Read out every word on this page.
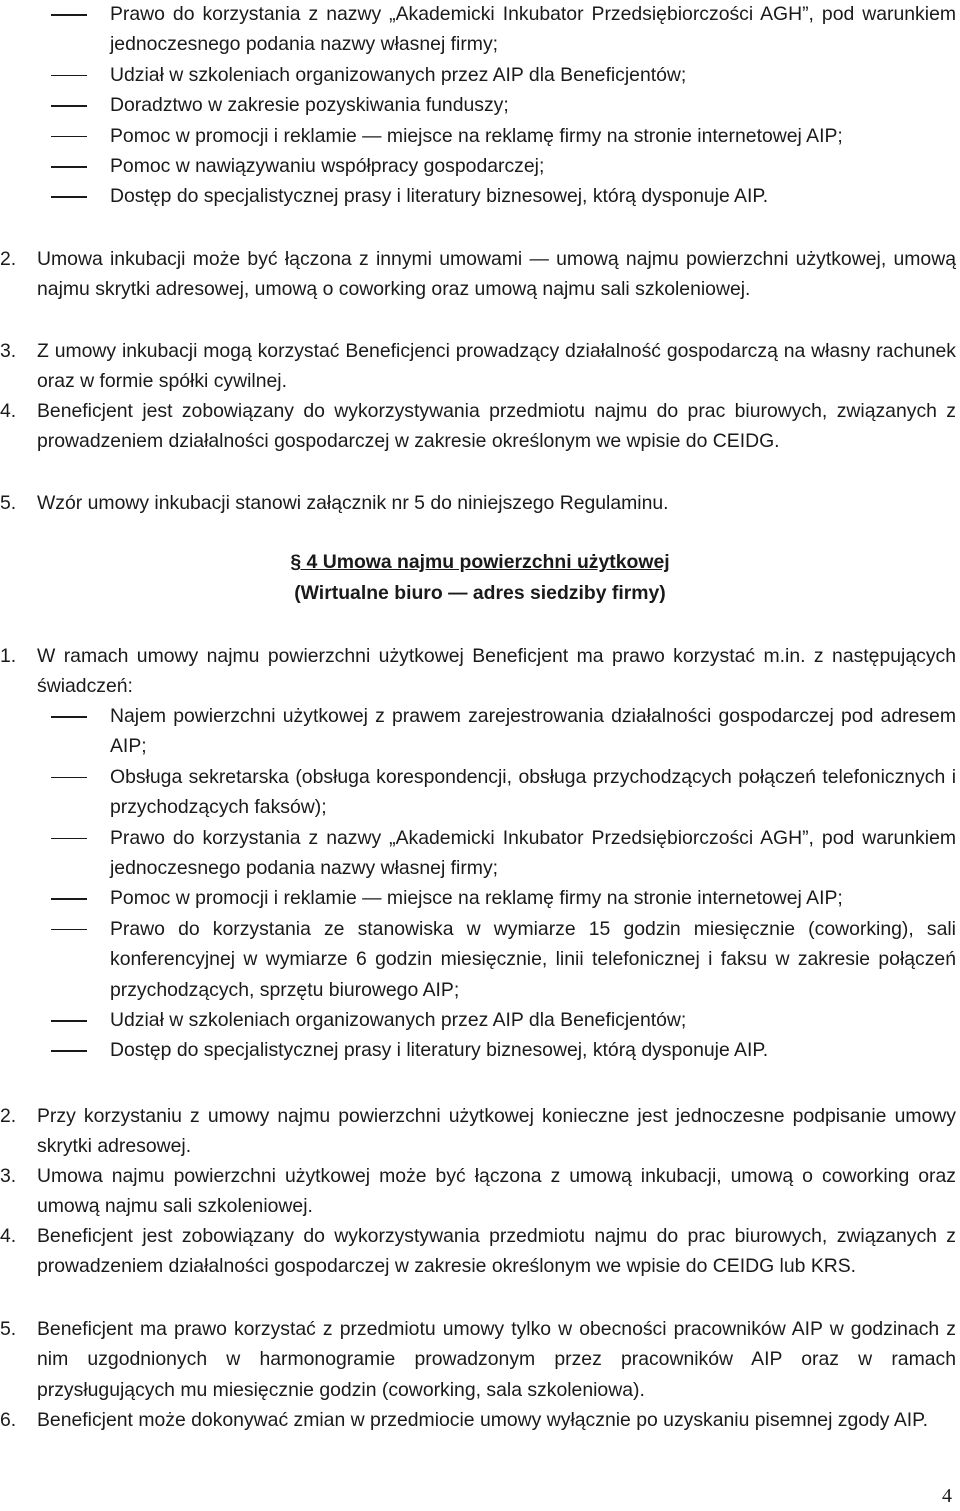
Prawo do korzystania z nazwy „Akademicki Inkubator Przedsiębiorczości AGH”, pod warunkiem jednoczesnego podania nazwy własnej firmy;
Udział w szkoleniach organizowanych przez AIP dla Beneficjentów;
Doradztwo w zakresie pozyskiwania funduszy;
Pomoc w promocji i reklamie — miejsce na reklamę firmy na stronie internetowej AIP;
Pomoc w nawiązywaniu współpracy gospodarczej;
Dostęp do specjalistycznej prasy i literatury biznesowej, którą dysponuje AIP.
2. Umowa inkubacji może być łączona z innymi umowami — umową najmu powierzchni użytkowej, umową najmu skrytki adresowej, umową o coworking oraz umową najmu sali szkoleniowej.
3. Z umowy inkubacji mogą korzystać Beneficjenci prowadzący działalność gospodarczą na własny rachunek oraz w formie spółki cywilnej.
4. Beneficjent jest zobowiązany do wykorzystywania przedmiotu najmu do prac biurowych, związanych z prowadzeniem działalności gospodarczej w zakresie określonym we wpisie do CEIDG.
5. Wzór umowy inkubacji stanowi załącznik nr 5 do niniejszego Regulaminu.
§ 4 Umowa najmu powierzchni użytkowej
(Wirtualne biuro — adres siedziby firmy)
1. W ramach umowy najmu powierzchni użytkowej Beneficjent ma prawo korzystać m.in. z następujących świadczeń:
Najem powierzchni użytkowej z prawem zarejestrowania działalności gospodarczej pod adresem AIP;
Obsługa sekretarska (obsługa korespondencji, obsługa przychodzących połączeń telefonicznych i przychodzących faksów);
Prawo do korzystania z nazwy „Akademicki Inkubator Przedsiębiorczości AGH”, pod warunkiem jednoczesnego podania nazwy własnej firmy;
Pomoc w promocji i reklamie — miejsce na reklamę firmy na stronie internetowej AIP;
Prawo do korzystania ze stanowiska w wymiarze 15 godzin miesięcznie (coworking), sali konferencyjnej w wymiarze 6 godzin miesięcznie, linii telefonicznej i faksu w zakresie połączeń przychodzących, sprzętu biurowego AIP;
Udział w szkoleniach organizowanych przez AIP dla Beneficjentów;
Dostęp do specjalistycznej prasy i literatury biznesowej, którą dysponuje AIP.
2. Przy korzystaniu z umowy najmu powierzchni użytkowej konieczne jest jednoczesne podpisanie umowy skrytki adresowej.
3. Umowa najmu powierzchni użytkowej może być łączona z umową inkubacji, umową o coworking oraz umową najmu sali szkoleniowej.
4. Beneficjent jest zobowiązany do wykorzystywania przedmiotu najmu do prac biurowych, związanych z prowadzeniem działalności gospodarczej w zakresie określonym we wpisie do CEIDG lub KRS.
5. Beneficjent ma prawo korzystać z przedmiotu umowy tylko w obecności pracowników AIP w godzinach z nim uzgodnionych w harmonogramie prowadzonym przez pracowników AIP oraz w ramach przysługujących mu miesięcznie godzin (coworking, sala szkoleniowa).
6. Beneficjent może dokonywać zmian w przedmiocie umowy wyłącznie po uzyskaniu pisemnej zgody AIP.
4
